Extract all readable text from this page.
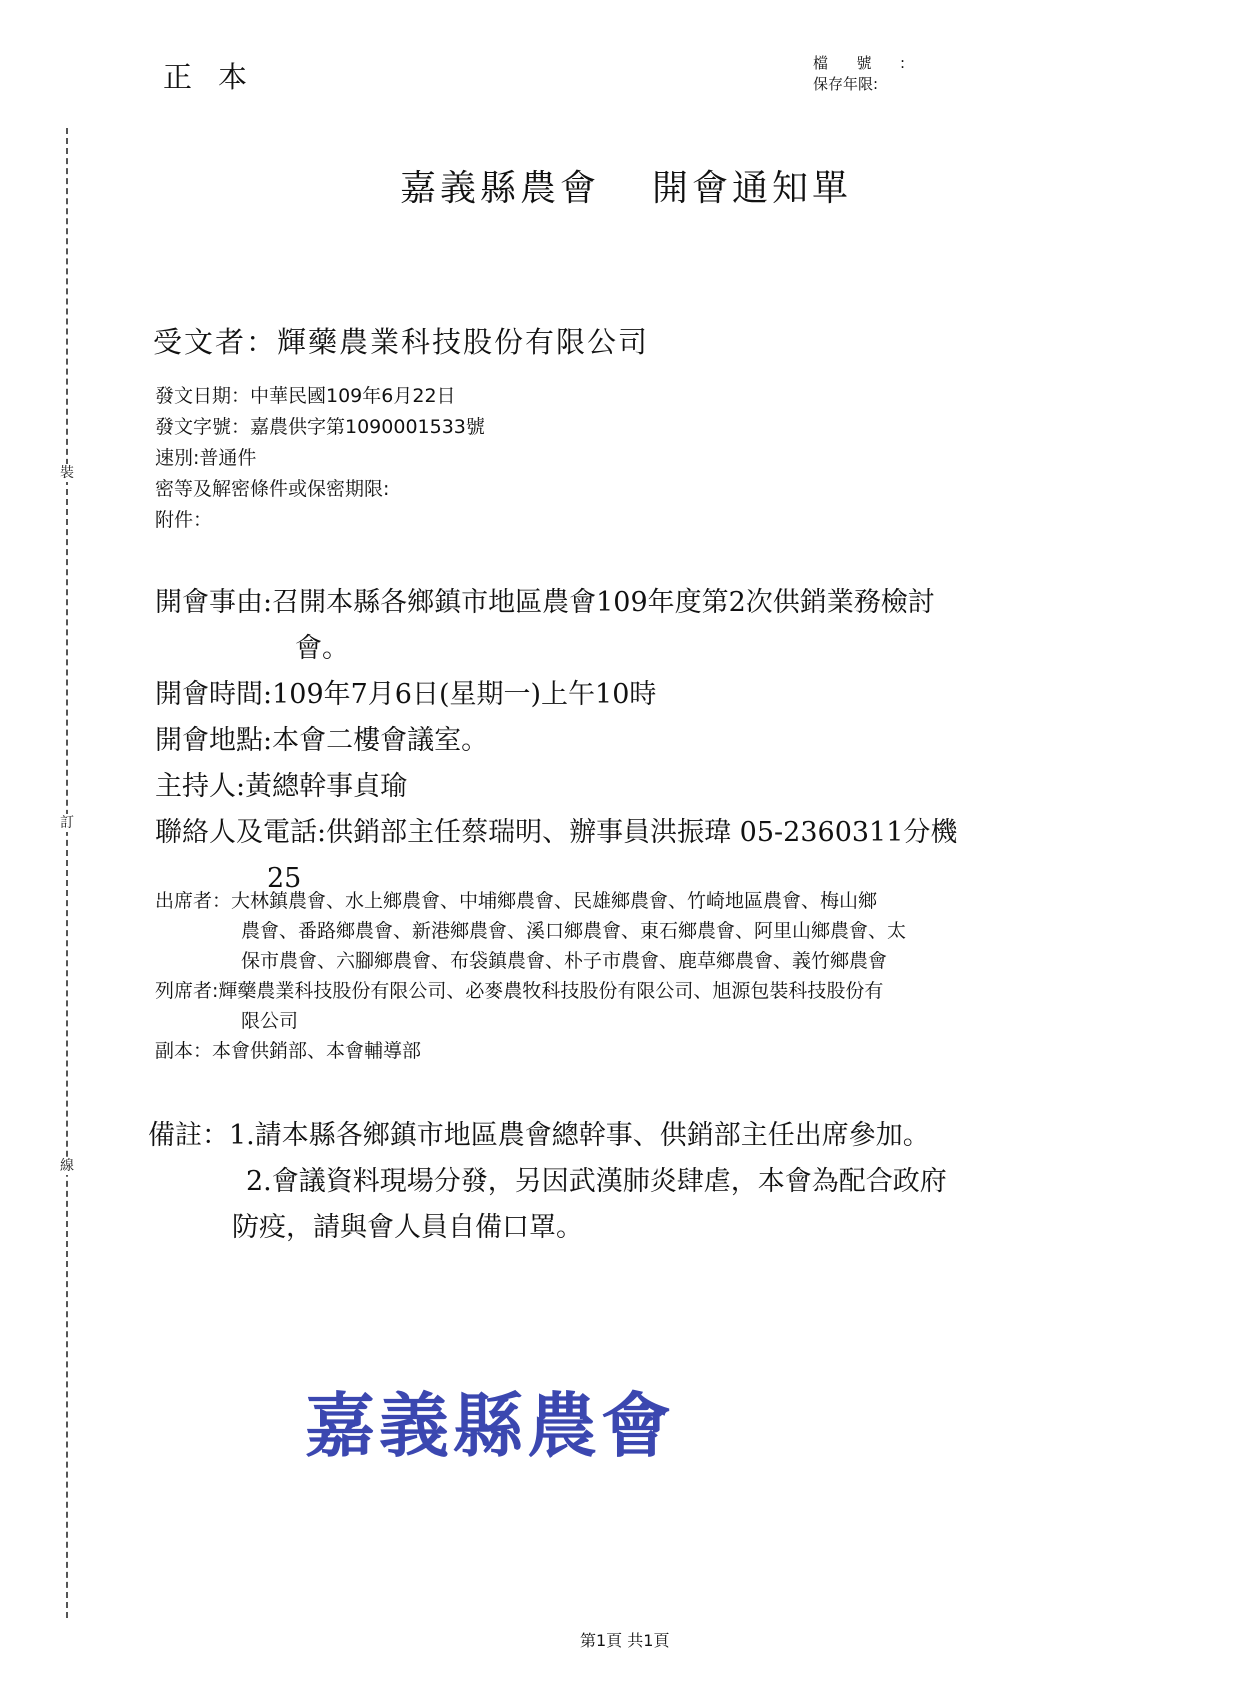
裝
訂
線
正本	檔號:
保存年限:
嘉義縣農會 開會通知單
受文者：輝藥農業科技股份有限公司
發文日期：中華民國109年6月22日
發文字號：嘉農供字第1090001533號
速別:普通件
密等及解密條件或保密期限:
附件：
開會事由:召開本縣各鄉鎮市地區農會109年度第2次供銷業務檢討
會。
開會時間:109年7月6日(星期一)上午10時
開會地點:本會二樓會議室。
主持人:黃總幹事貞瑜
聯絡人及電話:供銷部主任蔡瑞明、辦事員洪振瑋 05-2360311分機
25
出席者：大林鎮農會、水上鄉農會、中埔鄉農會、民雄鄉農會、竹崎地區農會、梅山鄉
農會、番路鄉農會、新港鄉農會、溪口鄉農會、東石鄉農會、阿里山鄉農會、太
保市農會、六腳鄉農會、布袋鎮農會、朴子市農會、鹿草鄉農會、義竹鄉農會
列席者:輝藥農業科技股份有限公司、必麥農牧科技股份有限公司、旭源包裝科技股份有
限公司
副本：本會供銷部、本會輔導部
備註：1.請本縣各鄉鎮市地區農會總幹事、供銷部主任出席參加。
2.會議資料現場分發，另因武漢肺炎肆虐，本會為配合政府
防疫，請與會人員自備口罩。
嘉義縣農會
第1頁 共1頁
